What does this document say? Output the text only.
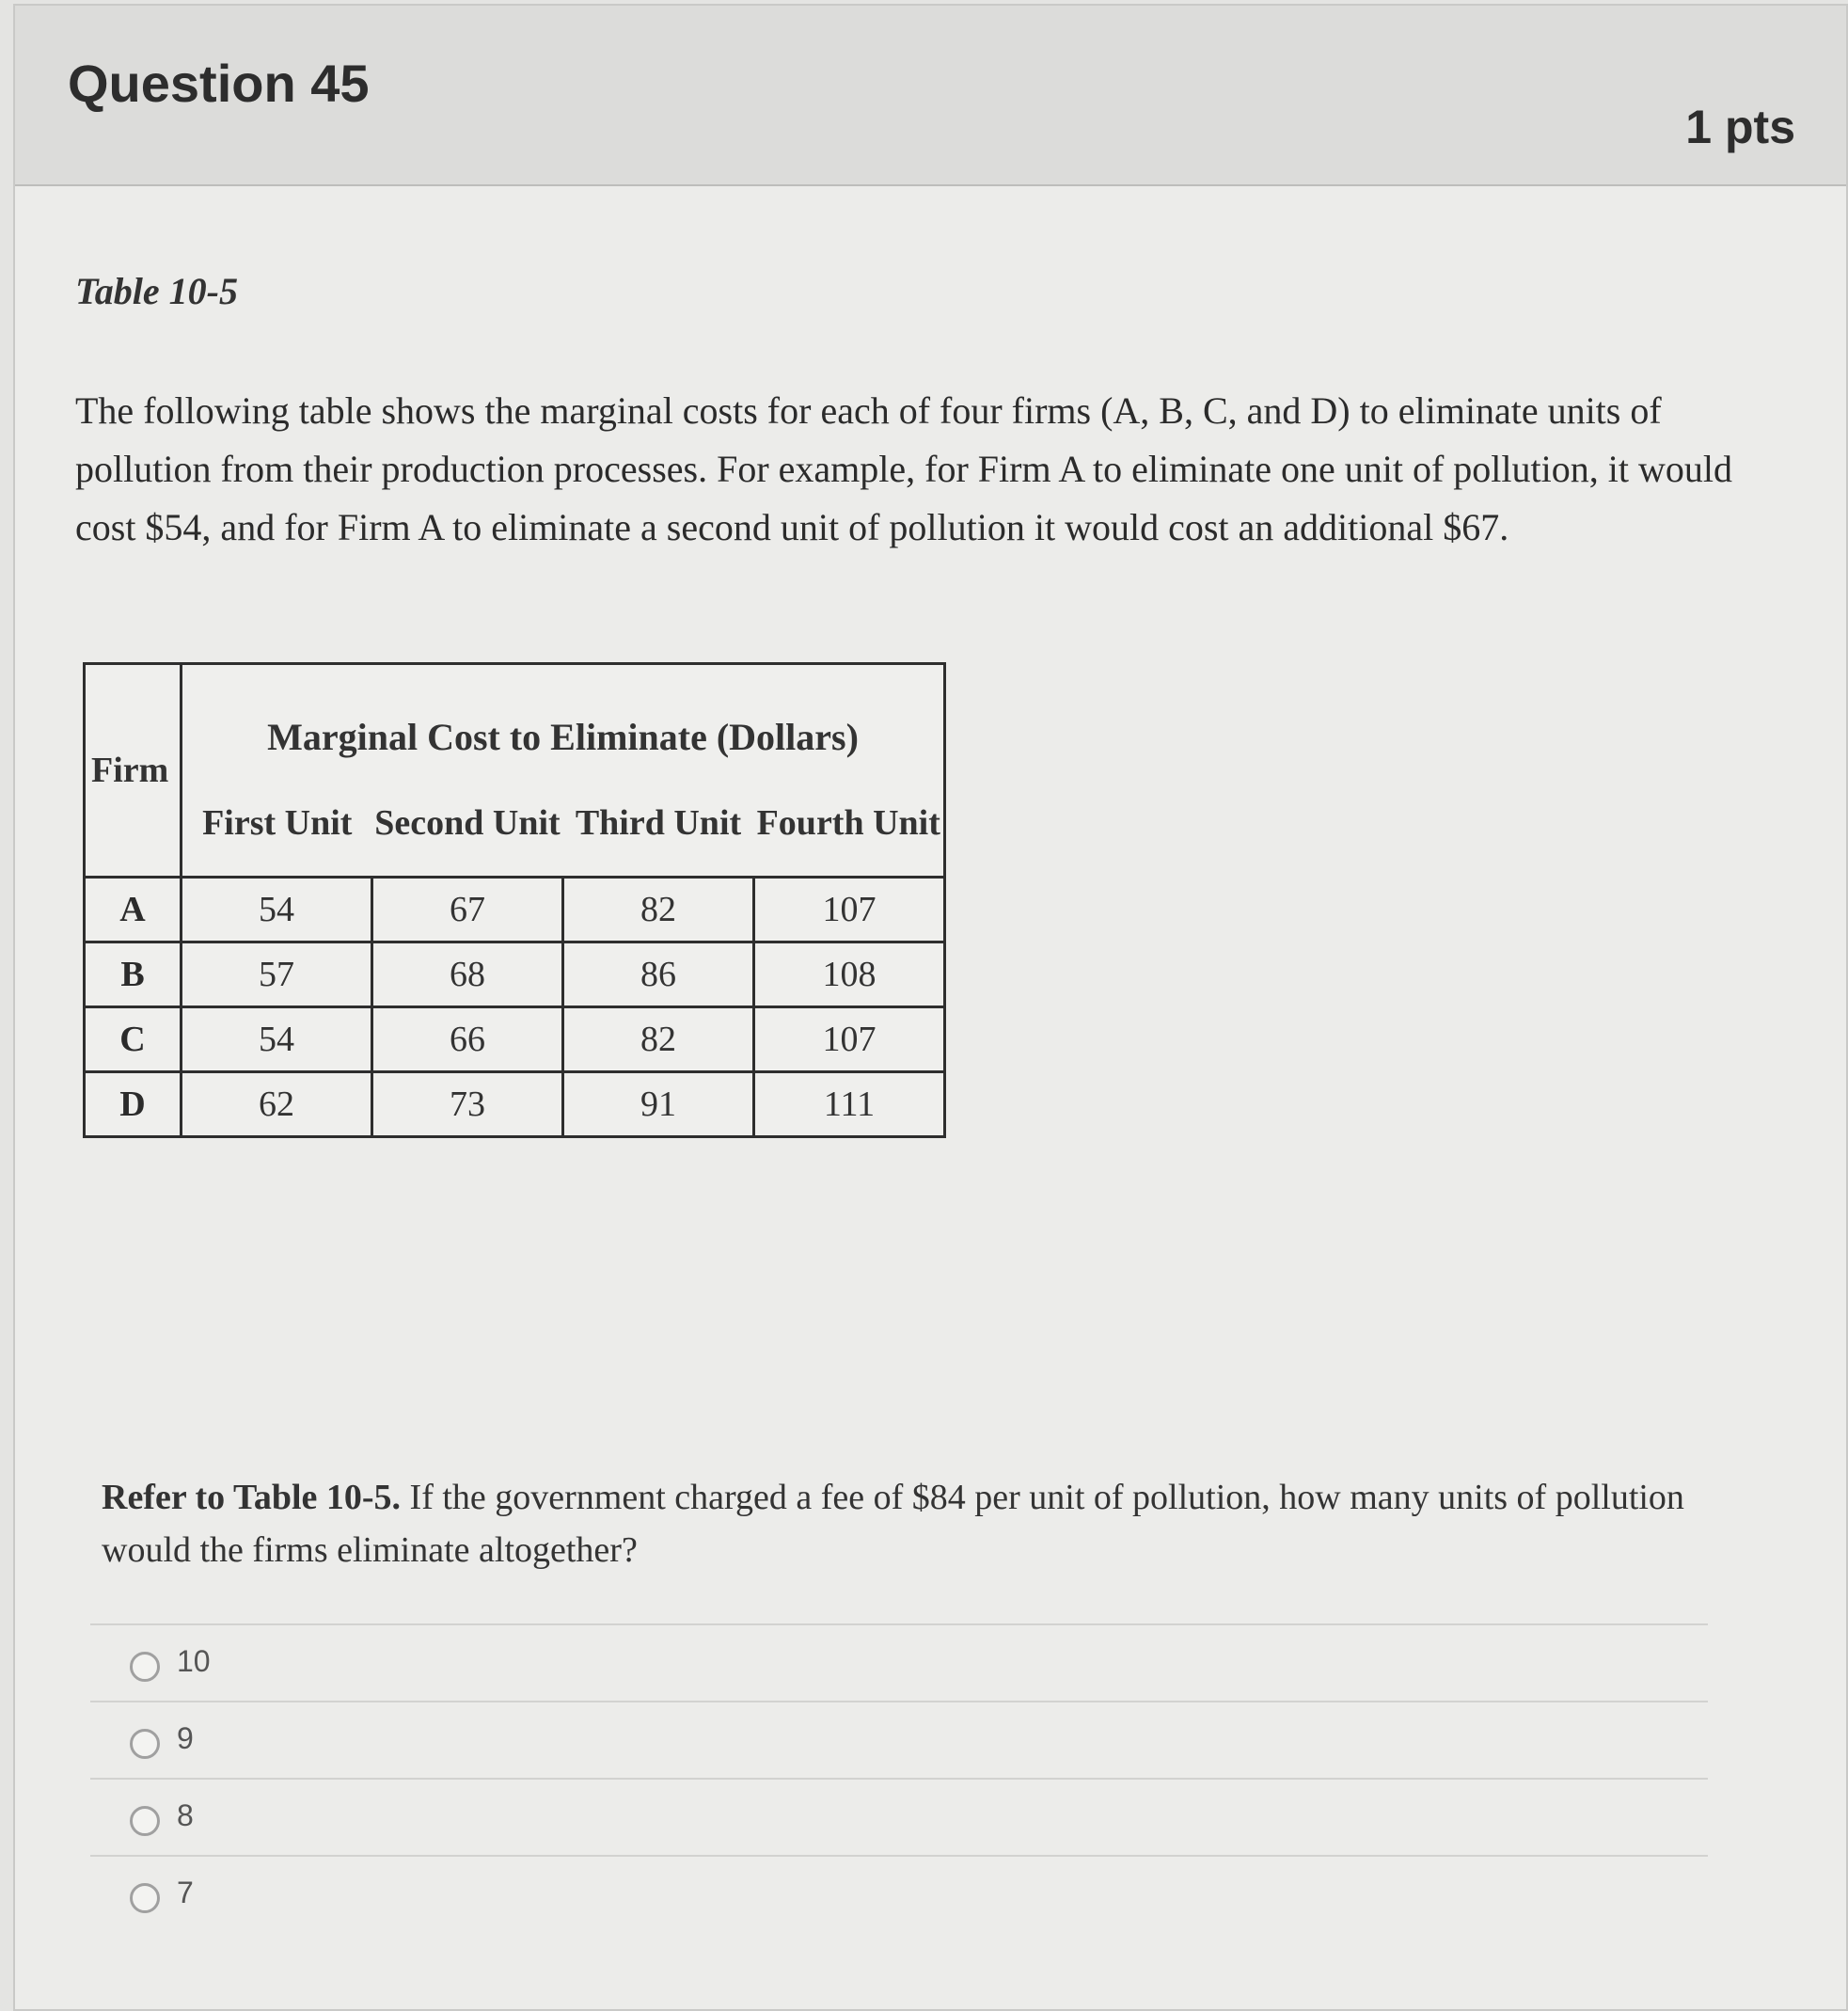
Question 45
1 pts
Table 10-5
The following table shows the marginal costs for each of four firms (A, B, C, and D) to eliminate units of pollution from their production processes. For example, for Firm A to eliminate one unit of pollution, it would cost $54, and for Firm A to eliminate a second unit of pollution it would cost an additional $67.
Firm	Marginal Cost to Eliminate (Dollars)			
	First Unit	Second Unit	Third Unit	Fourth Unit
A	54	67	82	107
B	57	68	86	108
C	54	66	82	107
D	62	73	91	111
Refer to Table 10-5. If the government charged a fee of $84 per unit of pollution, how many units of pollution would the firms eliminate altogether?
10
9
8
7
